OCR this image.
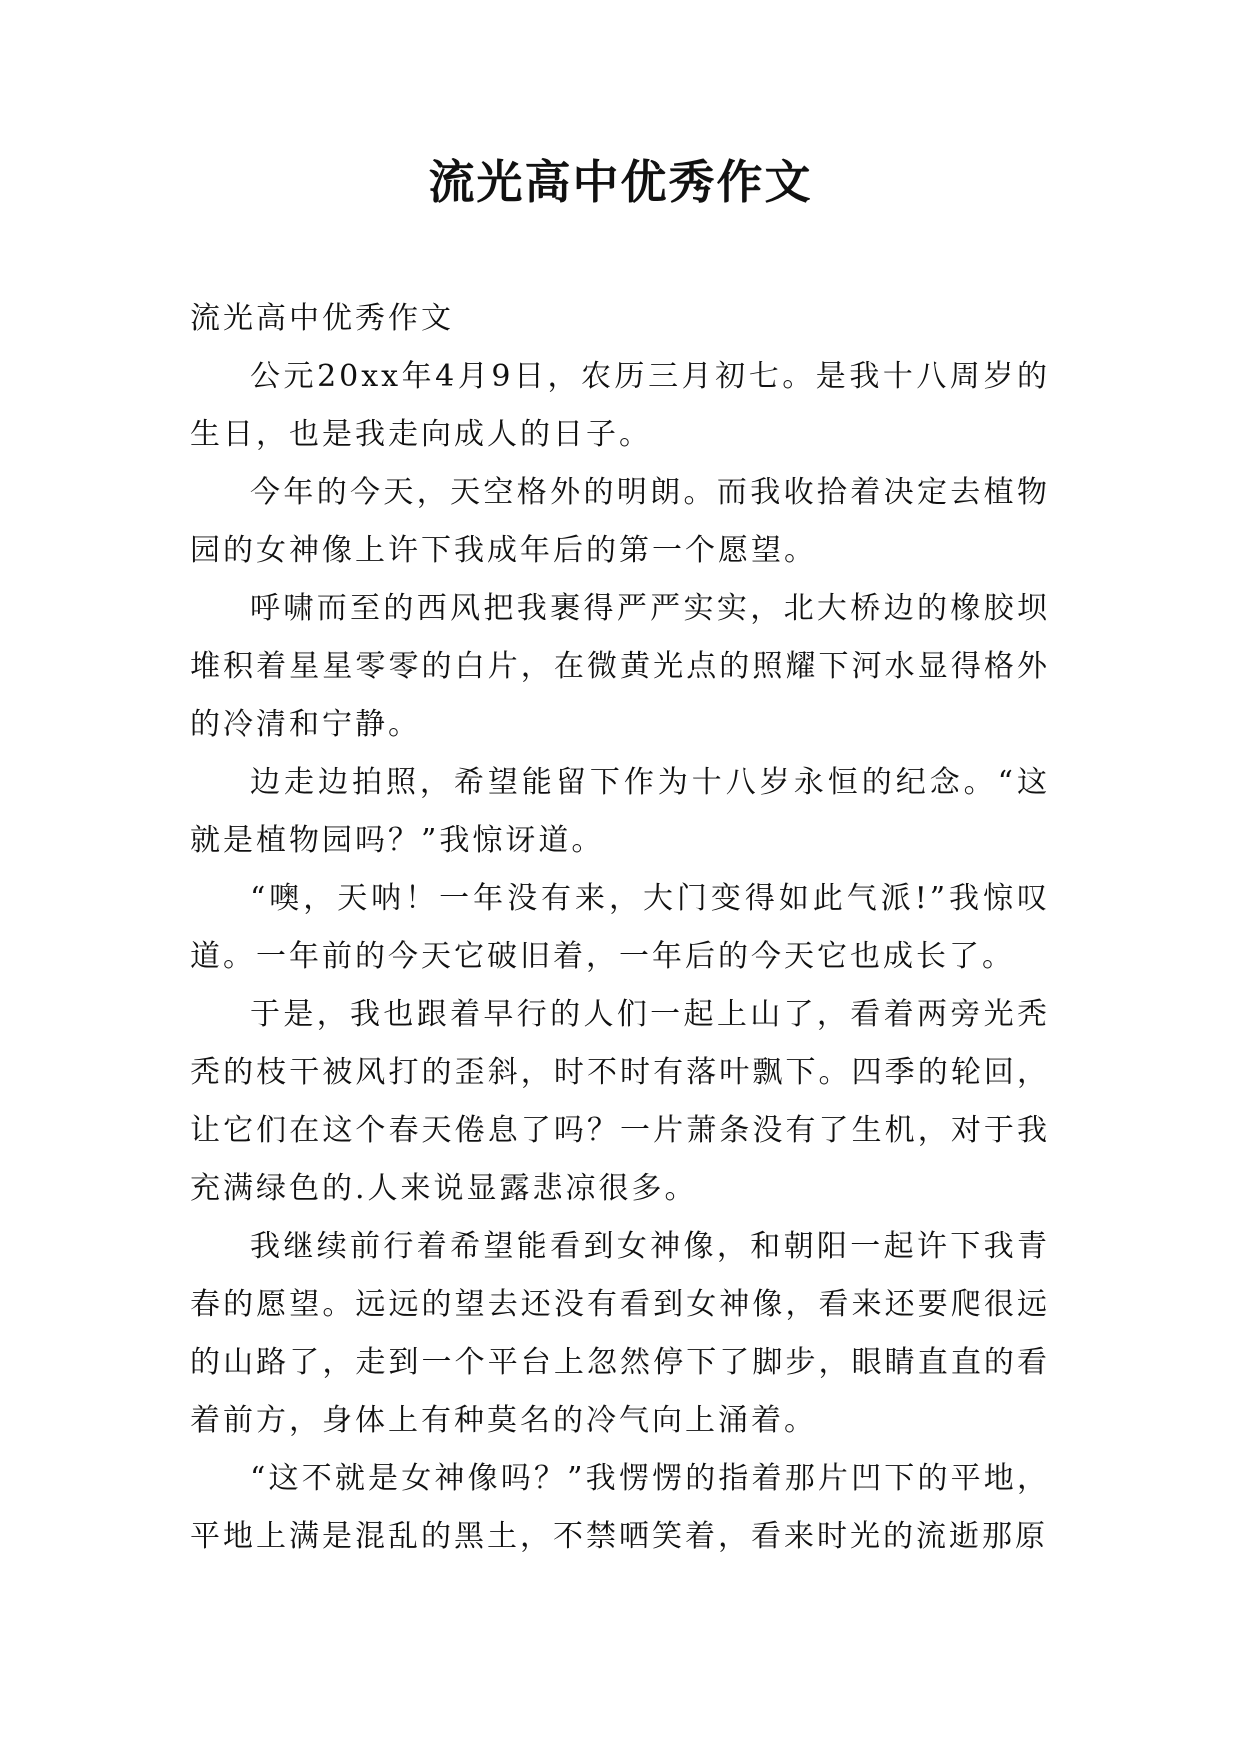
流光高中优秀作文

流光高中优秀作文

公元20xx年4月9日，农历三月初七。是我十八周岁的生日，也是我走向成人的日子。

今年的今天，天空格外的明朗。而我收拾着决定去植物园的女神像上许下我成年后的第一个愿望。

呼啸而至的西风把我裹得严严实实，北大桥边的橡胶坝堆积着星星零零的白片，在微黄光点的照耀下河水显得格外的冷清和宁静。

边走边拍照，希望能留下作为十八岁永恒的纪念。“这就是植物园吗？”我惊讶道。

“噢，天呐！一年没有来，大门变得如此气派!”我惊叹道。一年前的今天它破旧着，一年后的今天它也成长了。

于是，我也跟着早行的人们一起上山了，看着两旁光秃秃的枝干被风打的歪斜，时不时有落叶飘下。四季的轮回，让它们在这个春天倦息了吗？一片萧条没有了生机，对于我充满绿色的.人来说显露悲凉很多。

我继续前行着希望能看到女神像，和朝阳一起许下我青春的愿望。远远的望去还没有看到女神像，看来还要爬很远的山路了，走到一个平台上忽然停下了脚步，眼睛直直的看着前方，身体上有种莫名的冷气向上涌着。

“这不就是女神像吗？”我愣愣的指着那片凹下的平地，平地上满是混乱的黑土，不禁哂笑着，看来时光的流逝那原
